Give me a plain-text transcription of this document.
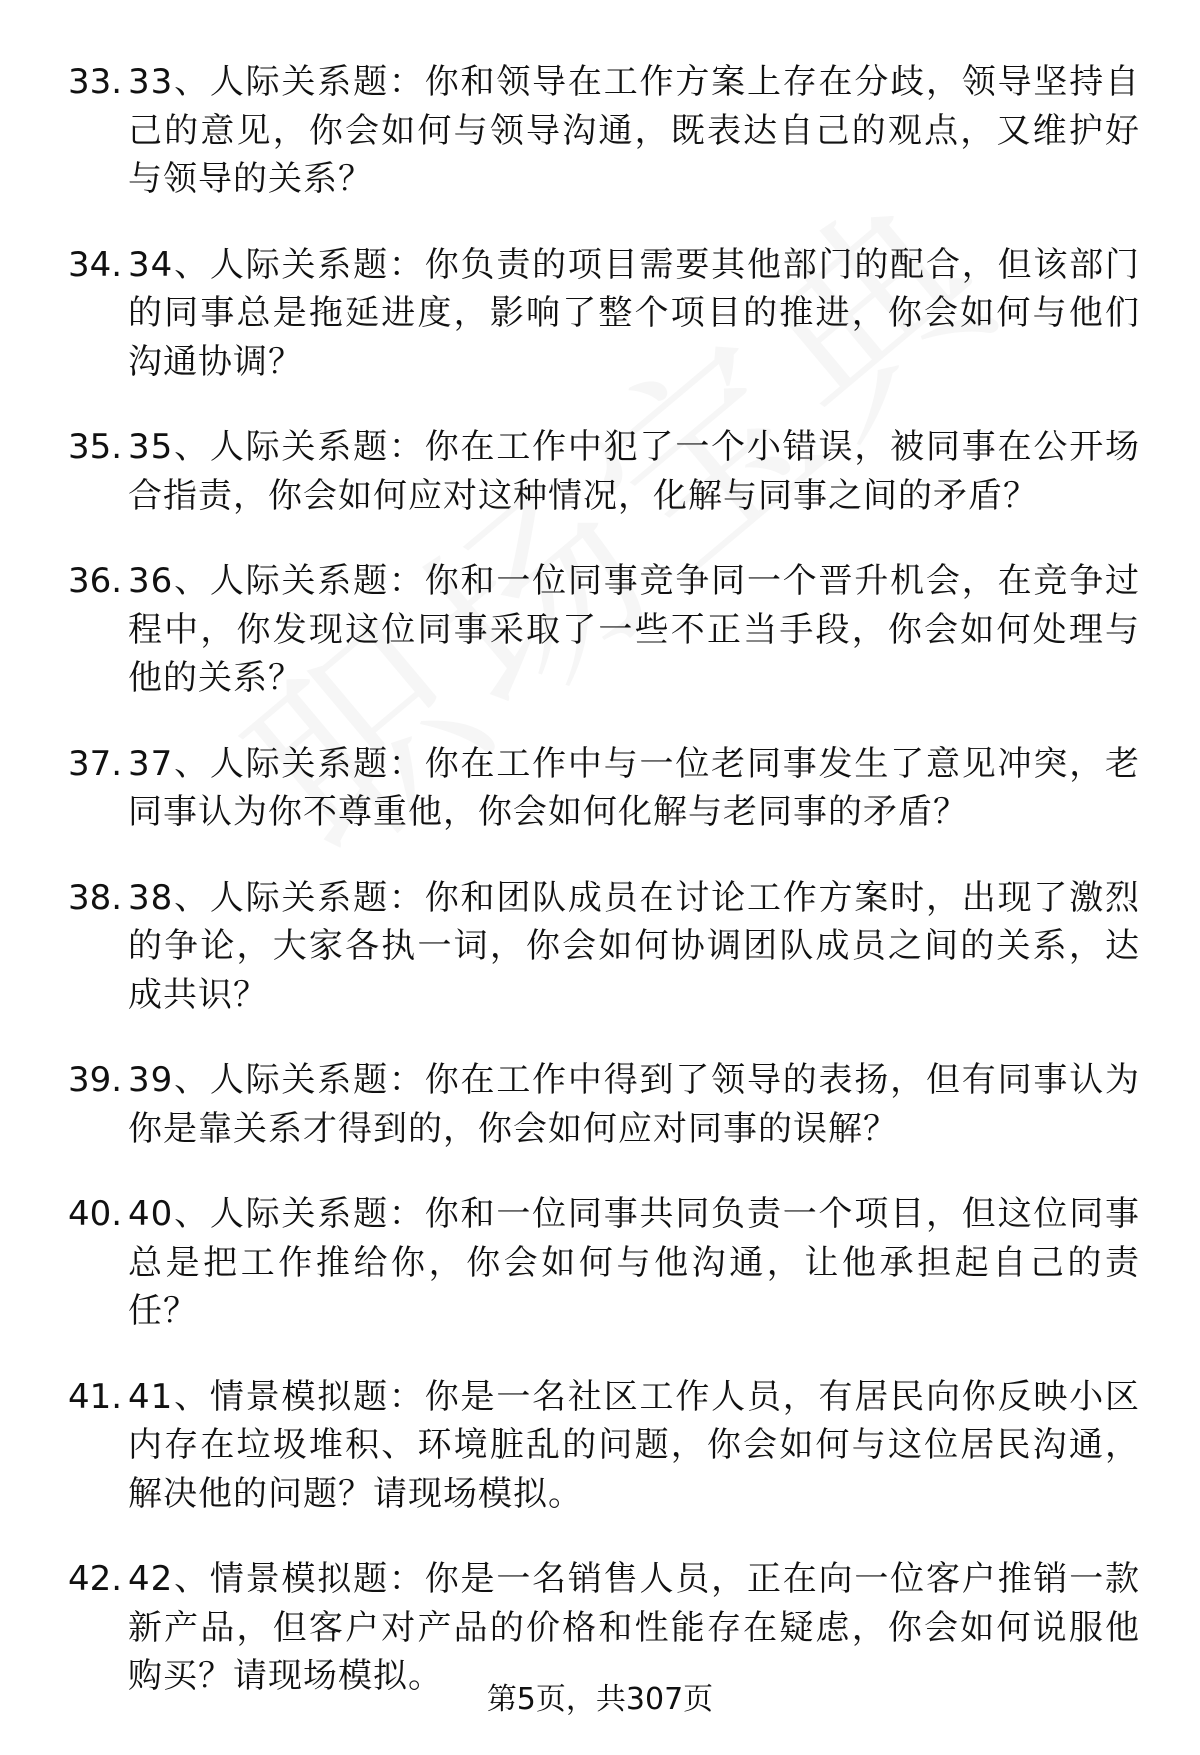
33. 33、人际关系题：你和领导在工作方案上存在分歧，领导坚持自己的意见，你会如何与领导沟通，既表达自己的观点，又维护好与领导的关系？
34. 34、人际关系题：你负责的项目需要其他部门的配合，但该部门的同事总是拖延进度，影响了整个项目的推进，你会如何与他们沟通协调？
35. 35、人际关系题：你在工作中犯了一个小错误，被同事在公开场合指责，你会如何应对这种情况，化解与同事之间的矛盾？
36. 36、人际关系题：你和一位同事竞争同一个晋升机会，在竞争过程中，你发现这位同事采取了一些不正当手段，你会如何处理与他的关系？
37. 37、人际关系题：你在工作中与一位老同事发生了意见冲突，老同事认为你不尊重他，你会如何化解与老同事的矛盾？
38. 38、人际关系题：你和团队成员在讨论工作方案时，出现了激烈的争论，大家各执一词，你会如何协调团队成员之间的关系，达成共识？
39. 39、人际关系题：你在工作中得到了领导的表扬，但有同事认为你是靠关系才得到的，你会如何应对同事的误解？
40. 40、人际关系题：你和一位同事共同负责一个项目，但这位同事总是把工作推给你，你会如何与他沟通，让他承担起自己的责任？
41. 41、情景模拟题：你是一名社区工作人员，有居民向你反映小区内存在垃圾堆积、环境脏乱的问题，你会如何与这位居民沟通，解决他的问题？请现场模拟。
42. 42、情景模拟题：你是一名销售人员，正在向一位客户推销一款新产品，但客户对产品的价格和性能存在疑虑，你会如何说服他购买？请现场模拟。
第5页，共307页
